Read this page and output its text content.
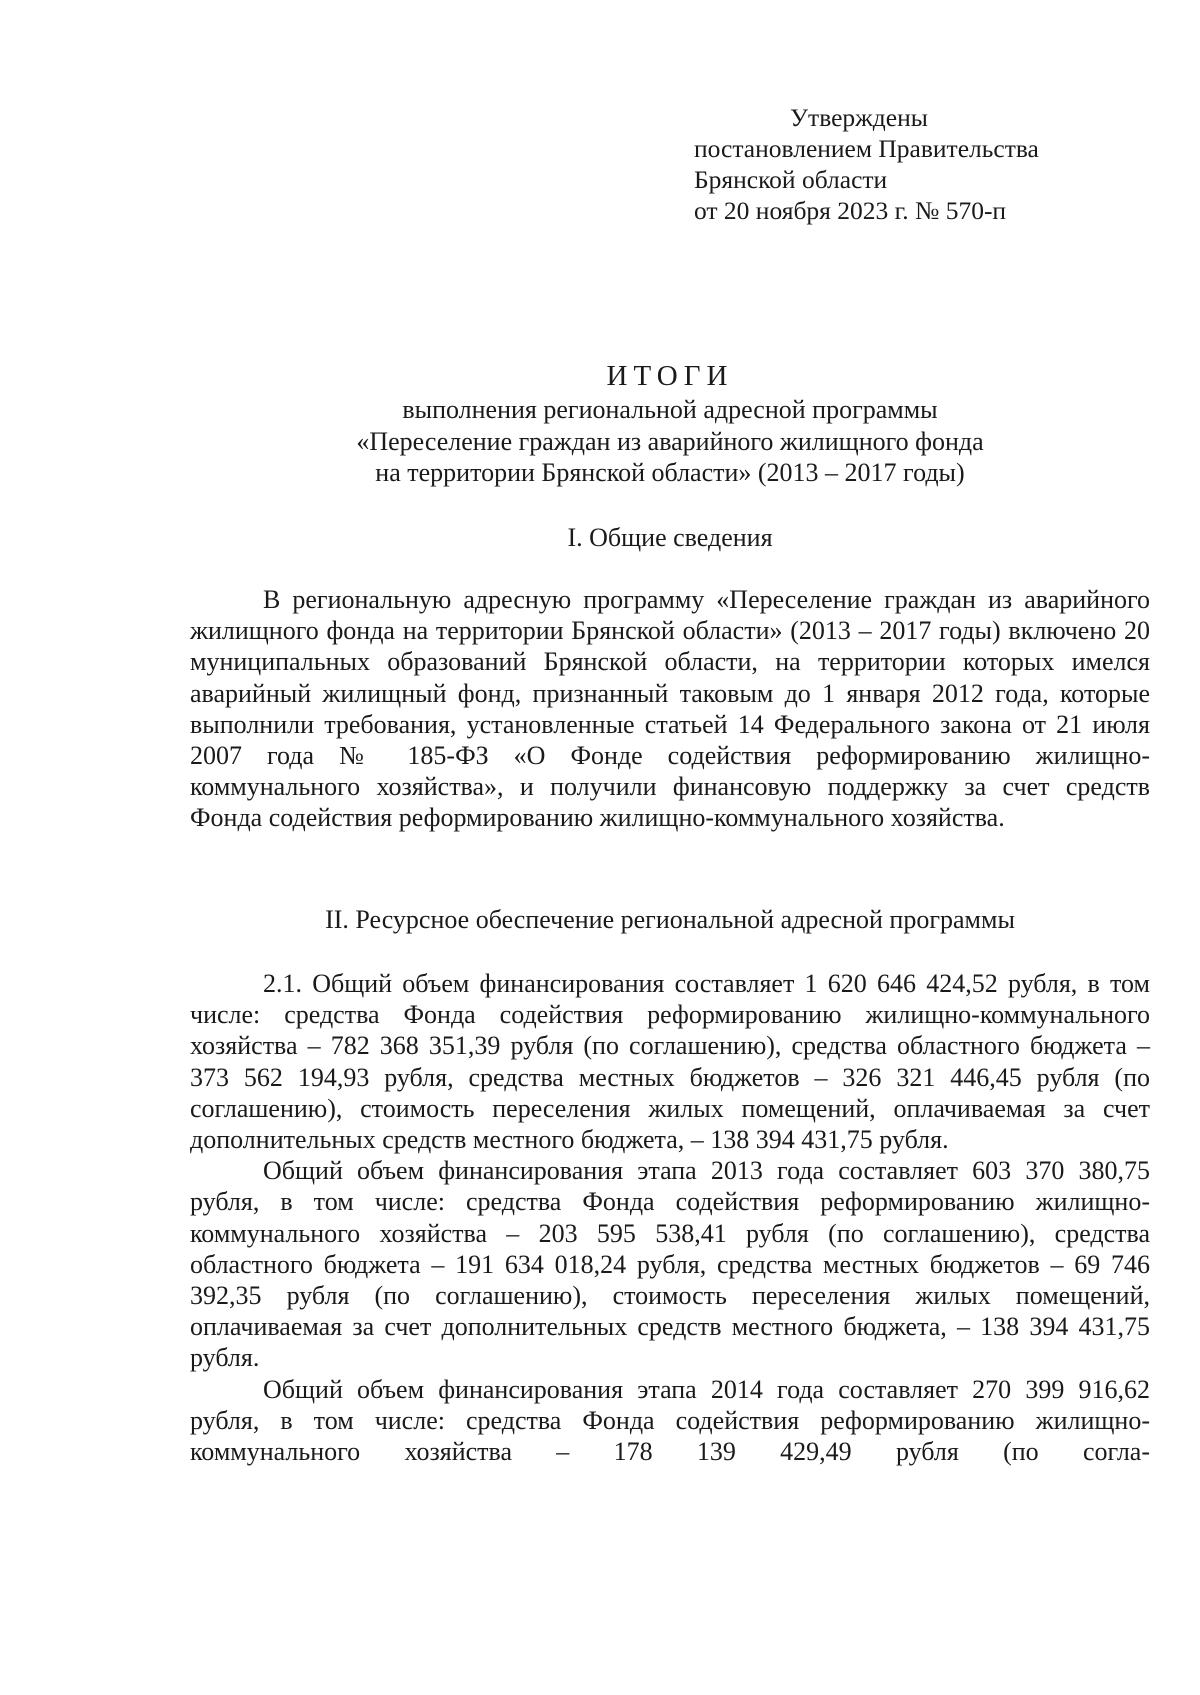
Утверждены
постановлением Правительства
Брянской области
от 20 ноября 2023 г. № 570-п
ИТОГИ
выполнения региональной адресной программы
«Переселение граждан из аварийного жилищного фонда
на территории Брянской области» (2013 – 2017 годы)
I. Общие сведения

В региональную адресную программу «Переселение граждан из аварийного жилищного фонда на территории Брянской области» (2013 – 2017 годы) включено 20 муниципальных образований Брянской области, на территории которых имелся аварийный жилищный фонд, признанный таковым до 1 января 2012 года, которые выполнили требования, установленные статьей 14 Федерального закона от 21 июля 2007 года № 185-ФЗ «О Фонде содействия реформированию жилищно-коммунального хозяйства», и получили финансовую поддержку за счет средств Фонда содействия реформированию жилищно-коммунального хозяйства.

II. Ресурсное обеспечение региональной адресной программы

2.1. Общий объем финансирования составляет 1 620 646 424,52 рубля, в том числе: средства Фонда содействия реформированию жилищно-коммунального хозяйства – 782 368 351,39 рубля (по соглашению), средства областного бюджета – 373 562 194,93 рубля, средства местных бюджетов – 326 321 446,45 рубля (по соглашению), стоимость переселения жилых помещений, оплачиваемая за счет дополнительных средств местного бюджета, – 138 394 431,75 рубля.

Общий объем финансирования этапа 2013 года составляет 603 370 380,75 рубля, в том числе: средства Фонда содействия реформированию жилищно-коммунального хозяйства – 203 595 538,41 рубля (по соглашению), средства областного бюджета – 191 634 018,24 рубля, средства местных бюджетов – 69 746 392,35 рубля (по соглашению), стоимость переселения жилых помещений, оплачиваемая за счет дополнительных средств местного бюджета, – 138 394 431,75 рубля.

Общий объем финансирования этапа 2014 года составляет 270 399 916,62 рубля, в том числе: средства Фонда содействия реформированию жилищно-коммунального хозяйства – 178 139 429,49 рубля (по согла-
